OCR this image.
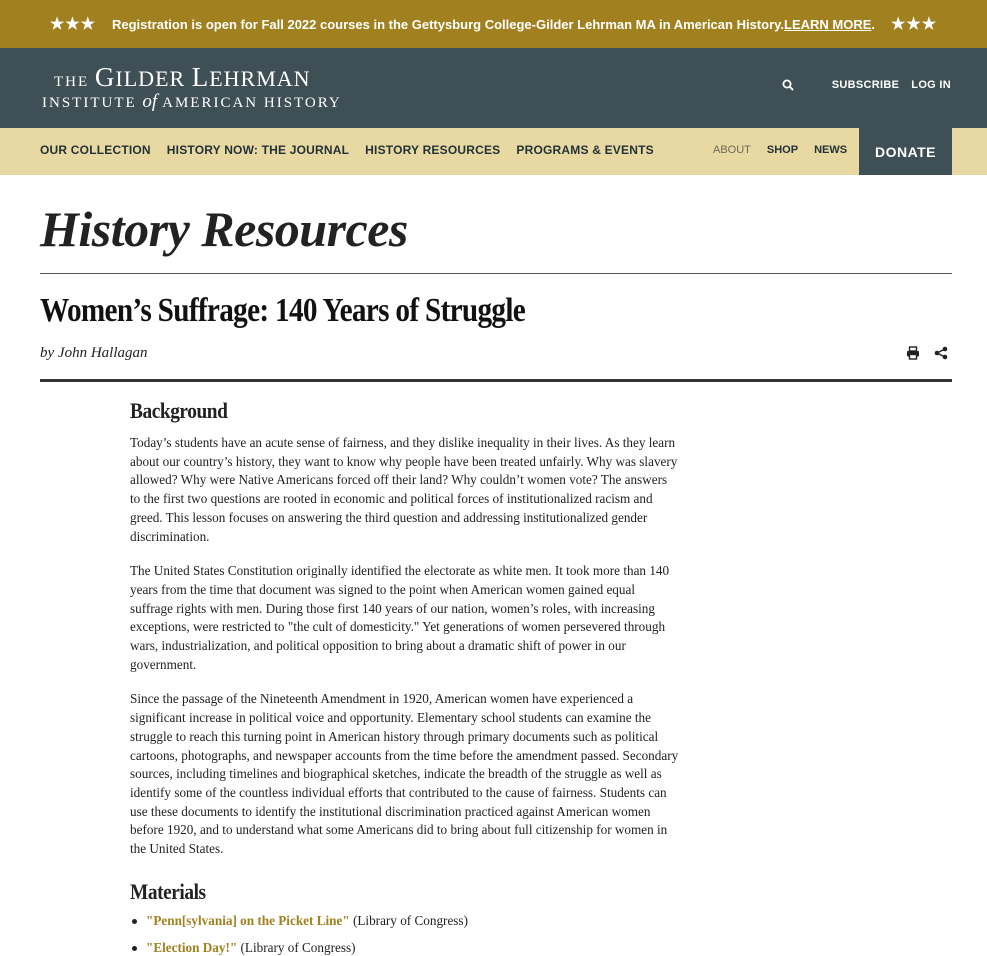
★★★ Registration is open for Fall 2022 courses in the Gettysburg College-Gilder Lehrman MA in American History. LEARN MORE . ★★★
THE GILDER LEHRMAN
INSTITUTE of AMERICAN HISTORY
SUBSCRIBE LOG IN
OUR COLLECTION HISTORY NOW: THE JOURNAL HISTORY RESOURCES PROGRAMS & EVENTS	ABOUT SHOP NEWS	DONATE
History Resources
Women’s Suffrage: 140 Years of Struggle
by John Hallagan
Background

Today’s students have an acute sense of fairness, and they dislike inequality in their lives. As they learn about our country’s history, they want to know why people have been treated unfairly. Why was slavery allowed? Why were Native Americans forced off their land? Why couldn’t women vote? The answers to the first two questions are rooted in economic and political forces of institutionalized racism and greed. This lesson focuses on answering the third question and addressing institutionalized gender discrimination.

The United States Constitution originally identified the electorate as white men. It took more than 140 years from the time that document was signed to the point when American women gained equal suffrage rights with men. During those first 140 years of our nation, women’s roles, with increasing exceptions, were restricted to "the cult of domesticity." Yet generations of women persevered through wars, industrialization, and political opposition to bring about a dramatic shift of power in our government.

Since the passage of the Nineteenth Amendment in 1920, American women have experienced a significant increase in political voice and opportunity. Elementary school students can examine the struggle to reach this turning point in American history through primary documents such as political cartoons, photographs, and newspaper accounts from the time before the amendment passed. Secondary sources, including timelines and biographical sketches, indicate the breadth of the struggle as well as identify some of the countless individual efforts that contributed to the cause of fairness. Students can use these documents to identify the institutional discrimination practiced against American women before 1920, and to understand what some Americans did to bring about full citizenship for women in the United States.

Materials
"Penn[sylvania] on the Picket Line" (Library of Congress)
"Election Day!" (Library of Congress)
